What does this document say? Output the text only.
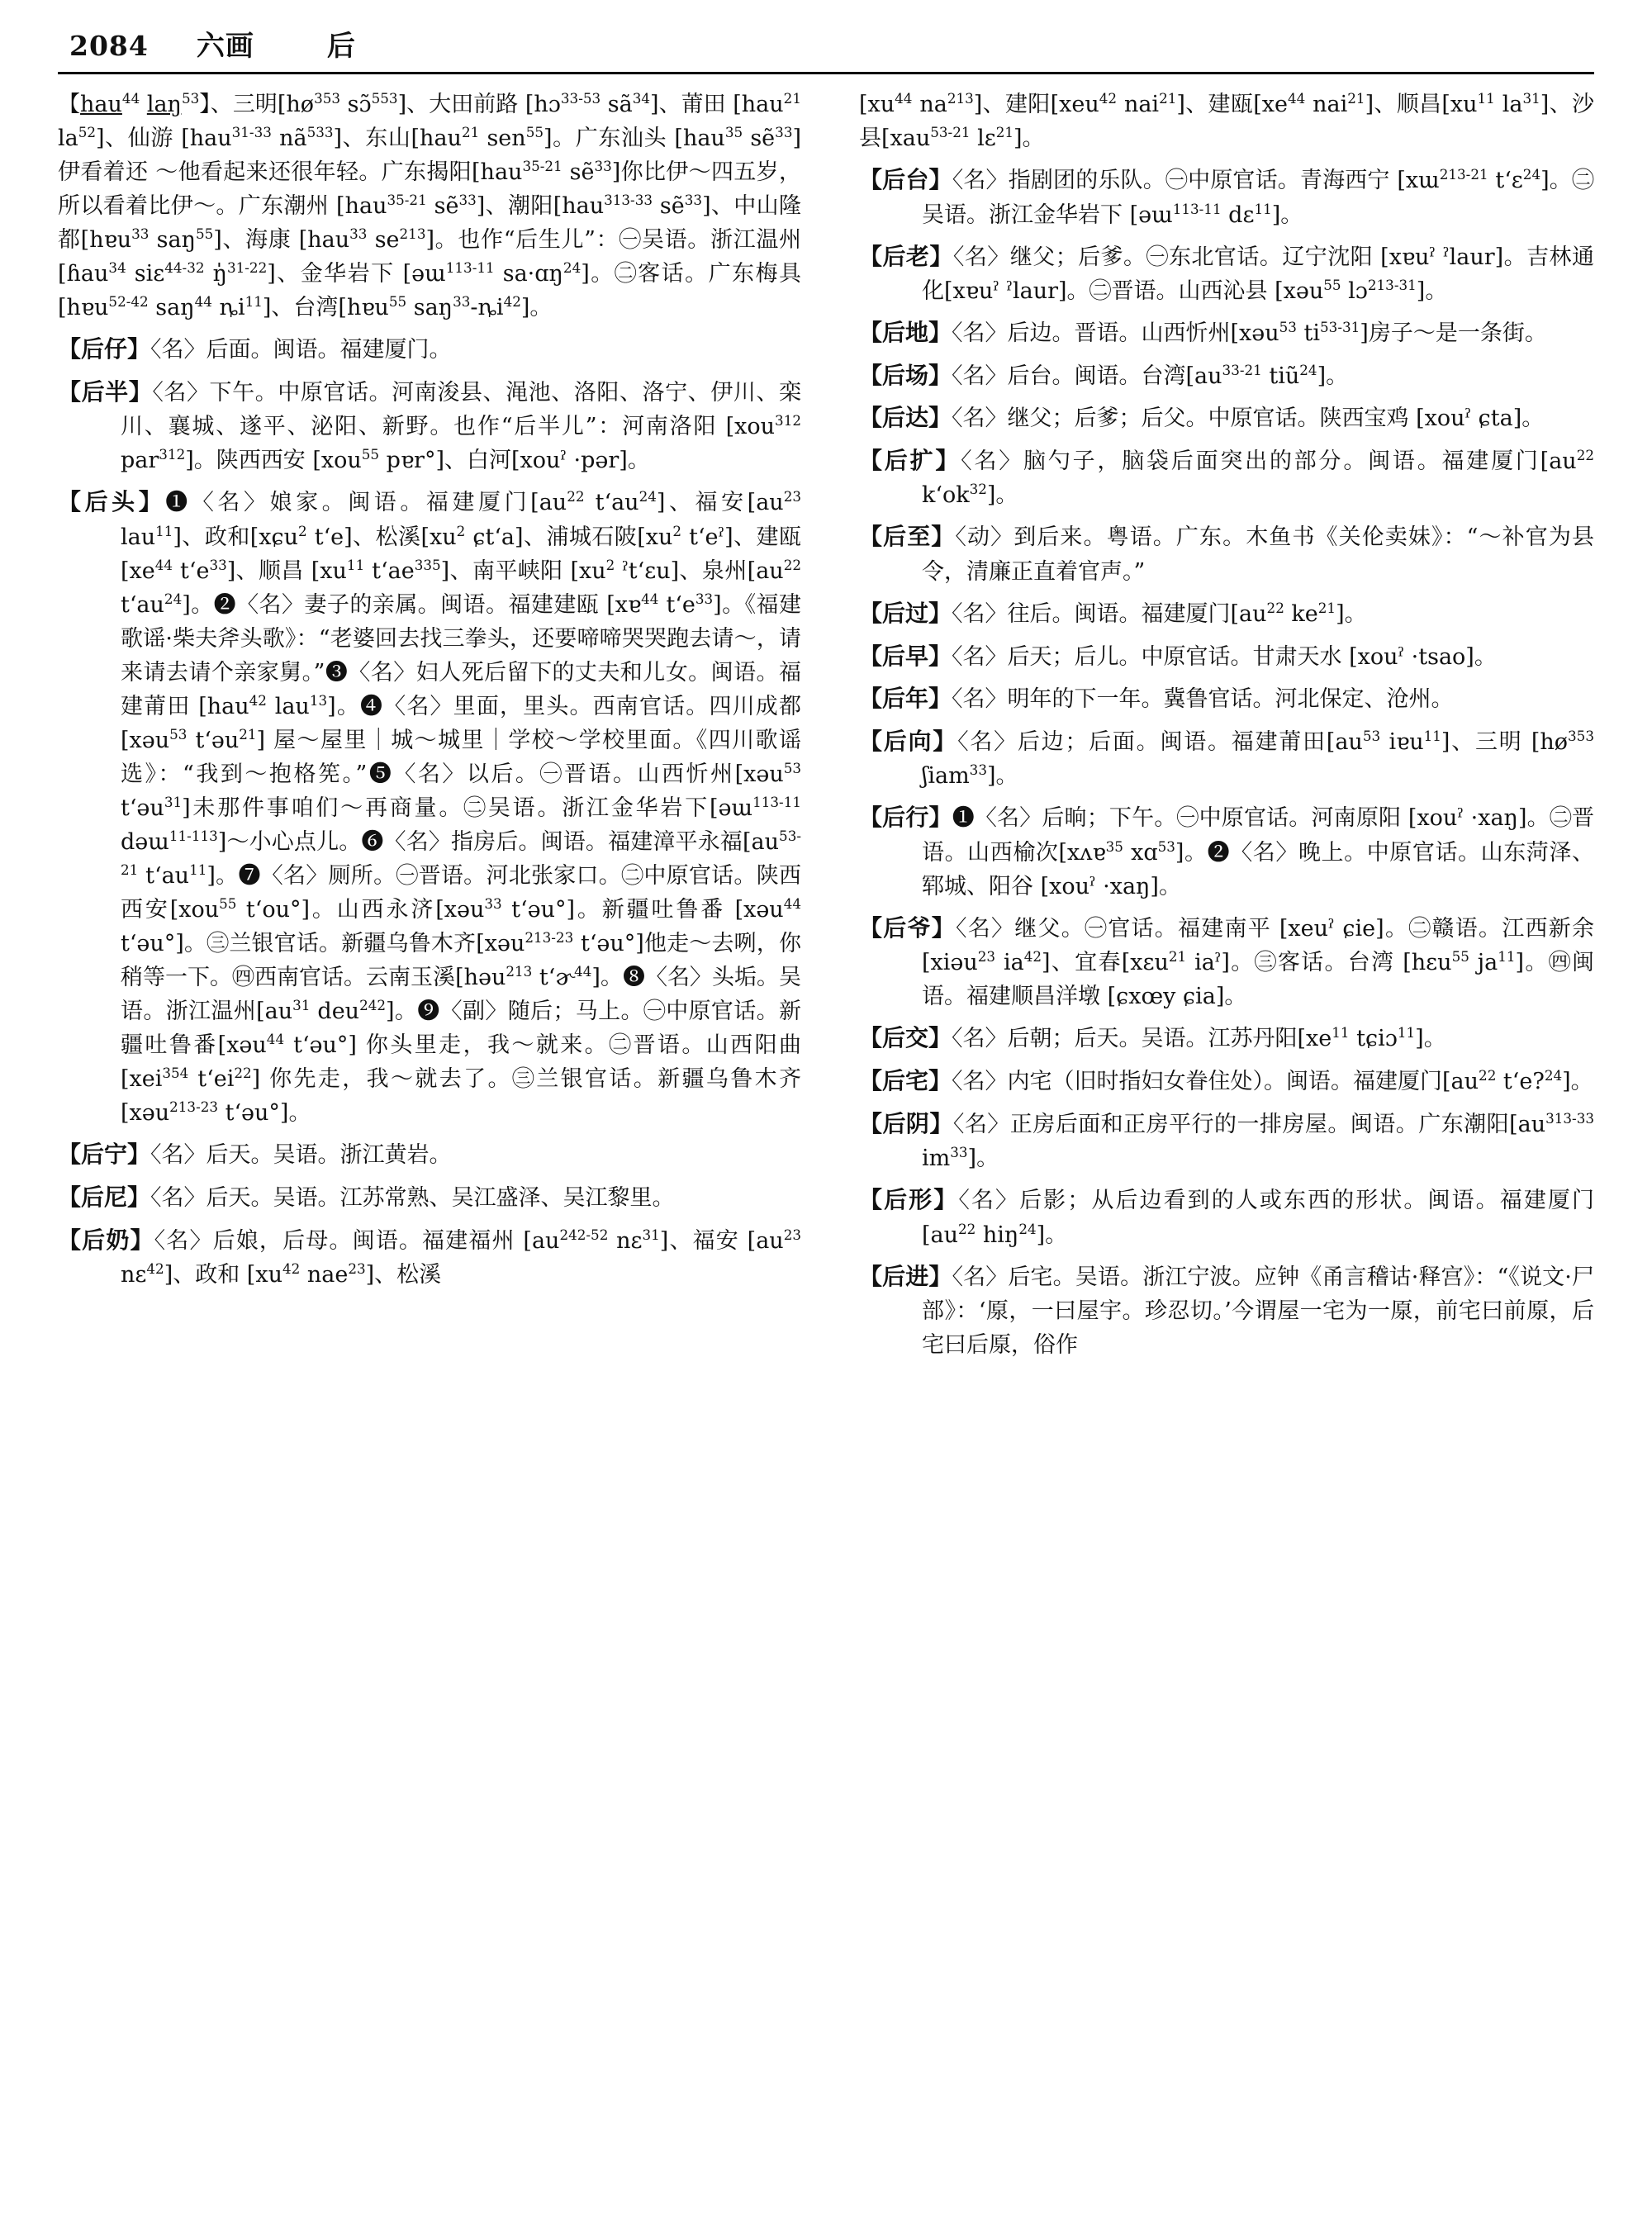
2084 六画	后
【hau$^{44}$ laŋ$^{53}$】、三明[$hø^{353}$ sɔ̃$^{553}$]、大田前路 [hɔ$^{33-53}$ $sã^{34}$]、莆田 [hau$^{21}$ $la^{52}$]、仙游 [hau$^{31-33}$ $nã^{533}$]、东山[hau$^{21}$ sen$^{55}$]。广东汕头 [hau$^{35}$ sẽ$^{33}$] 伊看着还 ～他看起来还很年轻。广东揭阳[hau$^{35-21}$ sẽ$^{33}$]你比伊～四五岁，所以看着比伊～。广东潮州 [hau$^{35-21}$ sẽ$^{33}$]、潮阳[hau$^{313-33}$ sẽ$^{33}$]、中山隆都[hɐu$^{33}$ saŋ$^{55}$]、海康 [hau$^{33}$ $se^{213}$]。也作“后生儿”：㊀吴语。浙江温州 [ɦau$^{34}$ siɛ$^{44-32}$ ŋ̍$^{31-22}$]、金华岩下 [əɯ$^{113-11}$ sa·ɑŋ$^{24}$]。㊁客话。广东梅具 [hɐu$^{52-42}$ saŋ$^{44}$ $ȵi^{11}$]、台湾[hɐu$^{55}$ $saŋ^{33}-ȵi^{42}$]。
【后仔】〈名〉后面。闽语。福建厦门。
【后半】〈名〉下午。中原官话。河南浚县、渑池、洛阳、洛宁、伊川、栾川、襄城、遂平、泌阳、新野。也作“后半儿”：河南洛阳 [xou$^{312}$ par$^{312}$]。陕西西安 [xou$^{55}$ pɐr°]、白河[xouˀ ·pər]。
【后头】❶〈名〉娘家。闽语。福建厦门[$au^{22}$ tʻau$^{24}$]、福安[$au^{23}$ lau$^{11}$]、政和[xɕu$^2$ tʻe]、松溪[$xu^2$ ɕtʻa]、浦城石陂[$xu^2$ tʻeˀ]、建瓯[$xe^{44}$ tʻe$^{33}$]、顺昌 [$xu^{11}$ tʻae$^{335}$]、南平峡阳 [$xu^2$ ˀtʻɛu]、泉州[$au^{22}$ tʻau$^{24}$]。❷〈名〉妻子的亲属。闽语。福建建瓯 [xɐ$^{44}$ tʻe$^{33}$]。《福建歌谣·柴夫斧头歌》：“老婆回去找三拳头，还要啼啼哭哭跑去请～，请来请去请个亲家舅。”❸〈名〉妇人死后留下的丈夫和儿女。闽语。福建莆田 [hau$^{42}$ lau$^{13}$]。❹〈名〉里面，里头。西南官话。四川成都 [xəu$^{53}$ tʻəu$^{21}$] 屋～屋里｜城～城里｜学校～学校里面。《四川歌谣选》：“我到～抱格筅。”❺〈名〉以后。㊀晋语。山西忻州[xəu$^{53}$ tʻəu$^{31}$]未那件事咱们～再商量。㊁吴语。浙江金华岩下[əɯ$^{113-11}$ dəɯ$^{11-113}$]～小心点儿。❻〈名〉指房后。闽语。福建漳平永福[$au^{53-21}$ tʻau$^{11}$]。❼〈名〉厕所。㊀晋语。河北张家口。㊁中原官话。陕西西安[xou$^{55}$ tʻou°]。山西永济[xəu$^{33}$ tʻəu°]。新疆吐鲁番 [xəu$^{44}$ tʻəu°]。㊂兰银官话。新疆乌鲁木齐[xəu$^{213-23}$ tʻəu°]他走～去咧，你稍等一下。㊃西南官话。云南玉溪[həu$^{213}$ tʻɚ$^{44}$]。❽〈名〉头垢。吴语。浙江温州[$au^{31}$ deu$^{242}$]。❾〈副〉随后；马上。㊀中原官话。新疆吐鲁番[xəu$^{44}$ tʻəu°] 你头里走，我～就来。㊁晋语。山西阳曲[xei$^{354}$ tʻei$^{22}$] 你先走，我～就去了。㊂兰银官话。新疆乌鲁木齐 [xəu$^{213-23}$ tʻəu°]。
【后宁】〈名〉后天。吴语。浙江黄岩。
【后尼】〈名〉后天。吴语。江苏常熟、吴江盛泽、吴江黎里。
【后奶】〈名〉后娘，后母。闽语。福建福州 [$au^{242-52}$ nɛ$^{31}$]、福安 [$au^{23}$ nɛ$^{42}$]、政和 [$xu^{42}$ nae$^{23}$]、松溪
[$xu^{44}$ $na^{213}$]、建阳[xeu$^{42}$ nai$^{21}$]、建瓯[$xe^{44}$ nai$^{21}$]、顺昌[$xu^{11}$ $la^{31}$]、沙县[xau$^{53-21}$ lɛ$^{21}$]。
【后台】〈名〉指剧团的乐队。㊀中原官话。青海西宁 [xɯ$^{213-21}$ tʻɛ$^{24}$]。㊁吴语。浙江金华岩下 [əɯ$^{113-11}$ dɛ$^{11}$]。
【后老】〈名〉继父；后爹。㊀东北官话。辽宁沈阳 [xɐuˀ ˀlaur]。吉林通化[xɐuˀ ˀlaur]。㊁晋语。山西沁县 [xəu$^{55}$ lɔ$^{213-31}$]。
【后地】〈名〉后边。晋语。山西忻州[xəu$^{53}$ $ti^{53-31}$]房子～是一条街。
【后场】〈名〉后台。闽语。台湾[$au^{33-21}$ tiũ$^{24}$]。
【后达】〈名〉继父；后爹；后父。中原官话。陕西宝鸡 [xouˀ ɕta]。
【后扩】〈名〉脑勺子，脑袋后面突出的部分。闽语。福建厦门[$au^{22}$ kʻok$^{32}$]。
【后至】〈动〉到后来。粤语。广东。木鱼书《关伦卖妹》：“～补官为县令，清廉正直着官声。”
【后过】〈名〉往后。闽语。福建厦门[$au^{22}$ $ke^{21}$]。
【后早】〈名〉后天；后儿。中原官话。甘肃天水 [xouˀ ·tsao]。
【后年】〈名〉明年的下一年。冀鲁官话。河北保定、沧州。
【后向】〈名〉后边；后面。闽语。福建莆田[$au^{53}$ iɐu$^{11}$]、三明 [$hø^{353}$ ʃiam$^{33}$]。
【后行】❶〈名〉后晌；下午。㊀中原官话。河南原阳 [xouˀ ·xaŋ]。㊁晋语。山西榆次[xʌɐ$^{35}$ xɑ$^{53}$]。❷〈名〉晚上。中原官话。山东菏泽、郓城、阳谷 [xouˀ ·xaŋ]。
【后爷】〈名〉继父。㊀官话。福建南平 [xeuˀ ɕie]。㊁赣语。江西新余[xiəu$^{23}$ $ia^{42}$]、宜春[xɛu$^{21}$ iaˀ]。㊂客话。台湾 [hɛu$^{55}$ $ja^{11}$]。㊃闽语。福建顺昌洋墩 [ɕxœy ɕia]。
【后交】〈名〉后朝；后天。吴语。江苏丹阳[$xe^{11}$ tɕiɔ$^{11}$]。
【后宅】〈名〉内宅（旧时指妇女眷住处）。闽语。福建厦门[$au^{22}$ tʻe?$^{24}$]。
【后阴】〈名〉正房后面和正房平行的一排房屋。闽语。广东潮阳[$au^{313-33}$ $im^{33}$]。
【后形】〈名〉后影；从后边看到的人或东西的形状。闽语。福建厦门 [$au^{22}$ hiŋ$^{24}$]。
【后进】〈名〉后宅。吴语。浙江宁波。应钟《甬言稽诂·释宫》：“《说文·尸部》：‘厡，一曰屋宇。珍忍切。’今谓屋一宅为一厡，前宅曰前厡，后宅曰后厡，俗作
